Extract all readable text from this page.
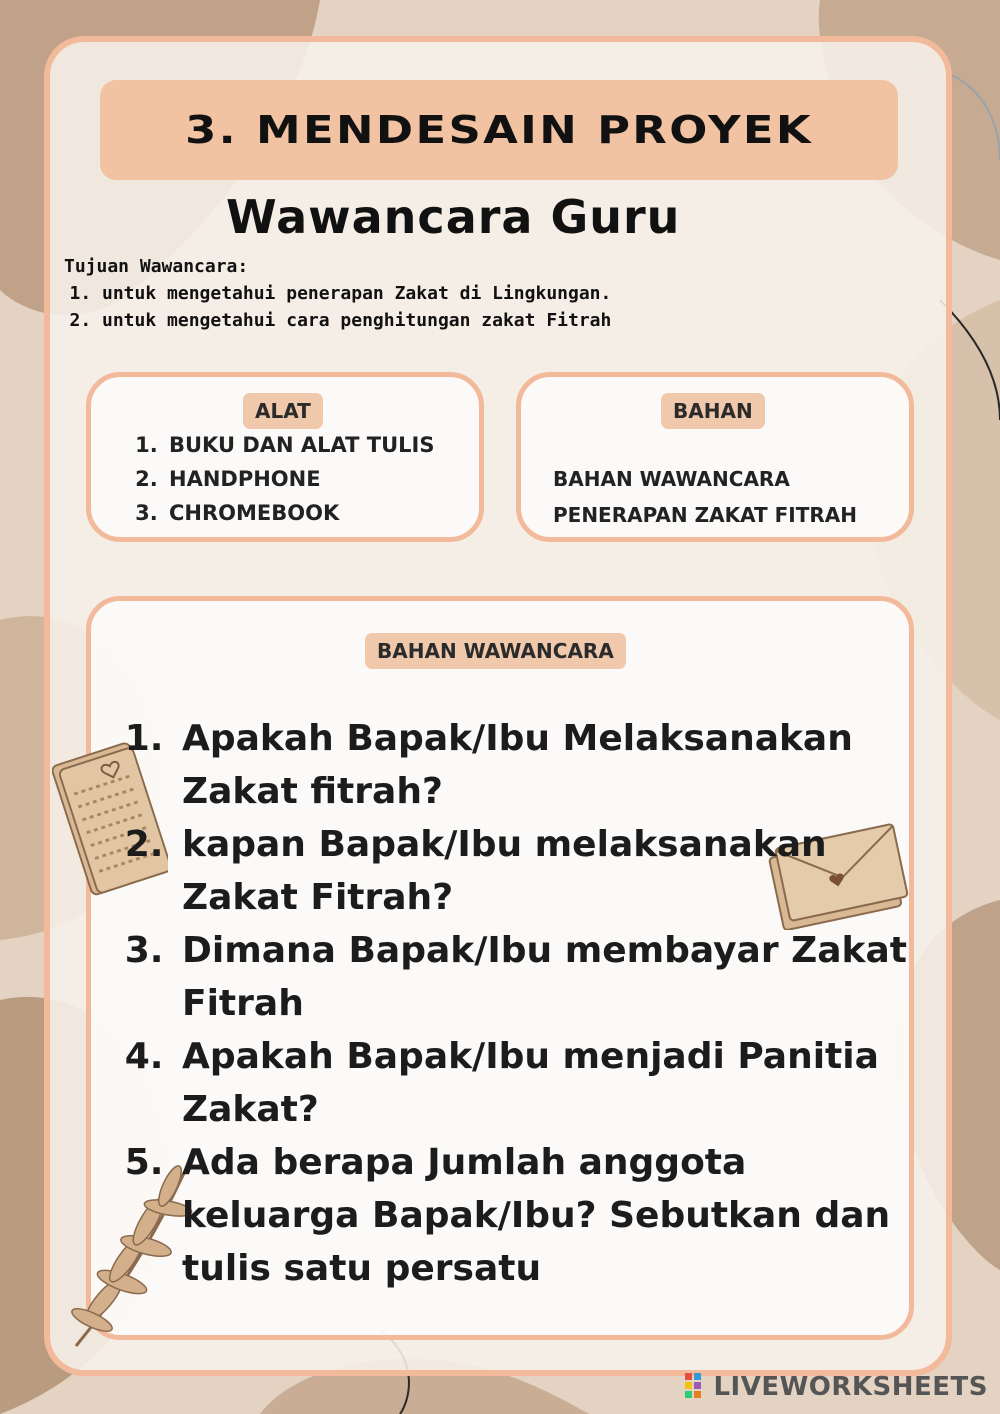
3. MENDESAIN PROYEK
Wawancara Guru

Tujuan Wawancara:

1. untuk mengetahui penerapan Zakat di Lingkungan.
2. untuk mengetahui cara penghitungan zakat Fitrah
ALAT
1. BUKU DAN ALAT TULIS
2. HANDPHONE
3. CHROMEBOOK
BAHAN
BAHAN WAWANCARA
PENERAPAN ZAKAT FITRAH
BAHAN WAWANCARA
1. Apakah Bapak/Ibu Melaksanakan Zakat fitrah?
2. kapan Bapak/Ibu melaksanakan Zakat Fitrah?
3. Dimana Bapak/Ibu membayar Zakat Fitrah
4. Apakah Bapak/Ibu menjadi Panitia Zakat?
5. Ada berapa Jumlah anggota keluarga Bapak/Ibu? Sebutkan dan tulis satu persatu
LIVEWORKSHEETS
